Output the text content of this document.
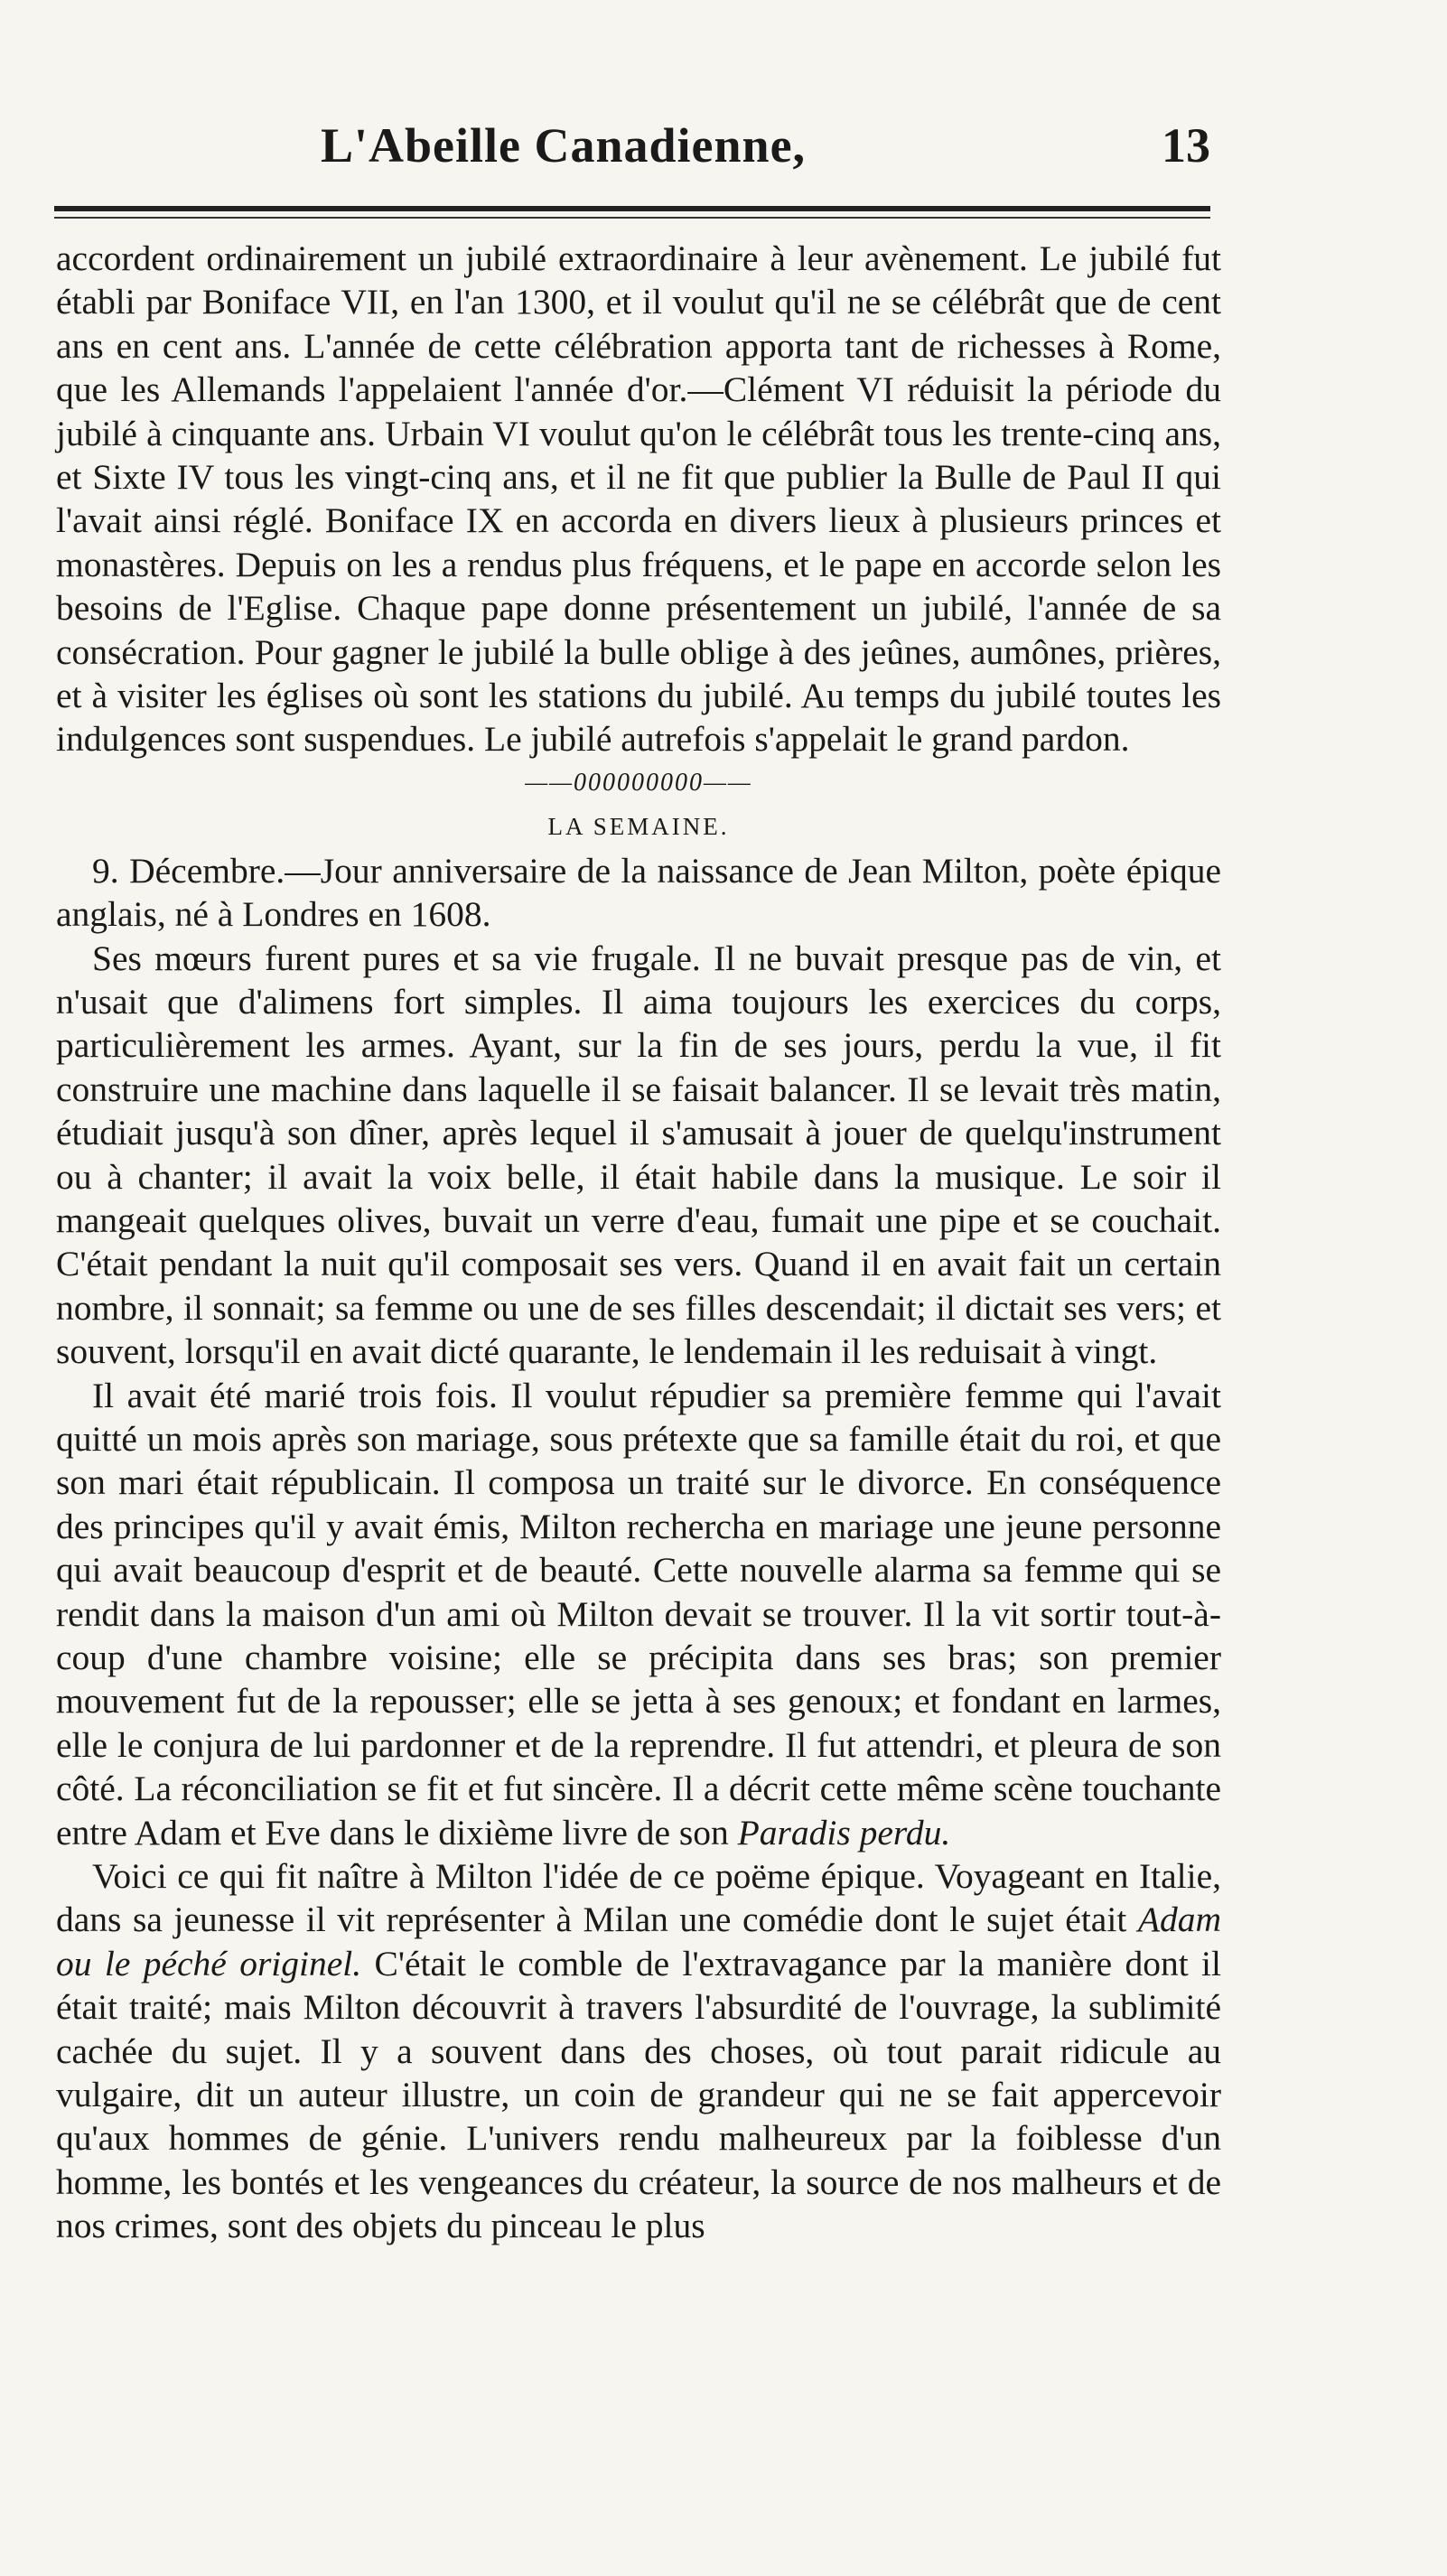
L'Abeille Canadienne,	13

accordent ordinairement un jubilé extraordinaire à leur avènement. Le jubilé fut établi par Boniface VII, en l'an 1300, et il voulut qu'il ne se célébrât que de cent ans en cent ans. L'année de cette célébration apporta tant de richesses à Rome, que les Allemands l'appelaient l'année d'or.—Clément VI réduisit la période du jubilé à cinquante ans. Urbain VI voulut qu'on le célébrât tous les trente-cinq ans, et Sixte IV tous les vingt-cinq ans, et il ne fit que publier la Bulle de Paul II qui l'avait ainsi réglé. Boniface IX en accorda en divers lieux à plusieurs princes et monastères. Depuis on les a rendus plus fréquens, et le pape en accorde selon les besoins de l'Eglise. Chaque pape donne présentement un jubilé, l'année de sa consécration. Pour gagner le jubilé la bulle oblige à des jeûnes, aumônes, prières, et à visiter les églises où sont les stations du jubilé. Au temps du jubilé toutes les indulgences sont suspendues. Le jubilé autrefois s'appelait le grand pardon.

——000000000——

LA SEMAINE.

9. Décembre.—Jour anniversaire de la naissance de Jean Milton, poète épique anglais, né à Londres en 1608.

Ses mœurs furent pures et sa vie frugale. Il ne buvait presque pas de vin, et n'usait que d'alimens fort simples. Il aima toujours les exercices du corps, particulièrement les armes. Ayant, sur la fin de ses jours, perdu la vue, il fit construire une machine dans laquelle il se faisait balancer. Il se levait très matin, étudiait jusqu'à son dîner, après lequel il s'amusait à jouer de quelqu'instrument ou à chanter; il avait la voix belle, il était habile dans la musique. Le soir il mangeait quelques olives, buvait un verre d'eau, fumait une pipe et se couchait. C'était pendant la nuit qu'il composait ses vers. Quand il en avait fait un certain nombre, il sonnait; sa femme ou une de ses filles descendait; il dictait ses vers; et souvent, lorsqu'il en avait dicté quarante, le lendemain il les reduisait à vingt.

Il avait été marié trois fois. Il voulut répudier sa première femme qui l'avait quitté un mois après son mariage, sous prétexte que sa famille était du roi, et que son mari était républicain. Il composa un traité sur le divorce. En conséquence des principes qu'il y avait émis, Milton rechercha en mariage une jeune personne qui avait beaucoup d'esprit et de beauté. Cette nouvelle alarma sa femme qui se rendit dans la maison d'un ami où Milton devait se trouver. Il la vit sortir tout-à-coup d'une chambre voisine; elle se précipita dans ses bras; son premier mouvement fut de la repousser; elle se jetta à ses genoux; et fondant en larmes, elle le conjura de lui pardonner et de la reprendre. Il fut attendri, et pleura de son côté. La réconciliation se fit et fut sincère. Il a décrit cette même scène touchante entre Adam et Eve dans le dixième livre de son Paradis perdu.

Voici ce qui fit naître à Milton l'idée de ce poëme épique. Voyageant en Italie, dans sa jeunesse il vit représenter à Milan une comédie dont le sujet était Adam ou le péché originel. C'était le comble de l'extravagance par la manière dont il était traité; mais Milton découvrit à travers l'absurdité de l'ouvrage, la sublimité cachée du sujet. Il y a souvent dans des choses, où tout parait ridicule au vulgaire, dit un auteur illustre, un coin de grandeur qui ne se fait appercevoir qu'aux hommes de génie. L'univers rendu malheureux par la foiblesse d'un homme, les bontés et les vengeances du créateur, la source de nos malheurs et de nos crimes, sont des objets du pinceau le plus
